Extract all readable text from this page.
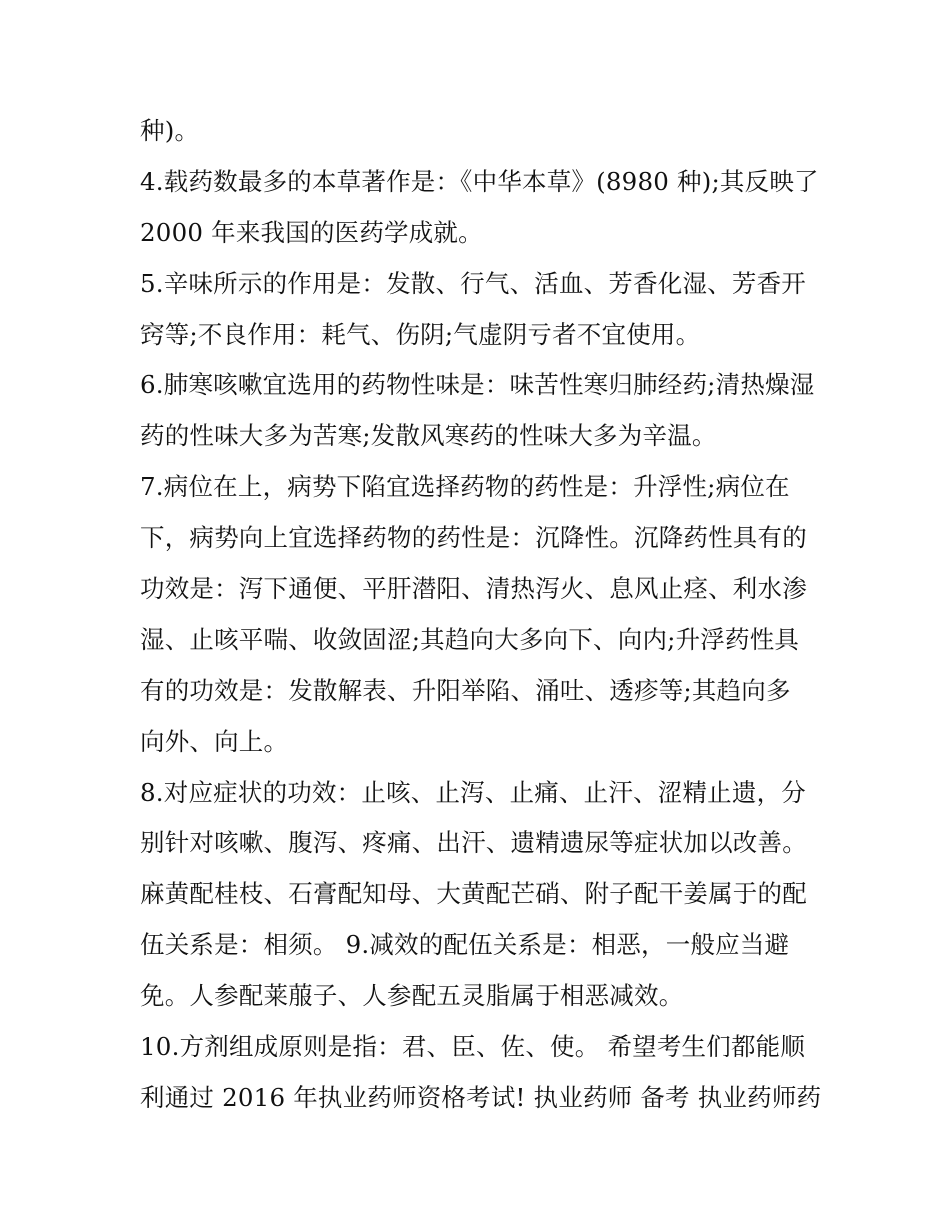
种)。
4.载药数最多的本草著作是：《中华本草》(8980 种);其反映了
2000 年来我国的医药学成就。
5.辛味所示的作用是：发散、行气、活血、芳香化湿、芳香开
窍等;不良作用：耗气、伤阴;气虚阴亏者不宜使用。
6.肺寒咳嗽宜选用的药物性味是：味苦性寒归肺经药;清热燥湿
药的性味大多为苦寒;发散风寒药的性味大多为辛温。
7.病位在上，病势下陷宜选择药物的药性是：升浮性;病位在
下，病势向上宜选择药物的药性是：沉降性。沉降药性具有的
功效是：泻下通便、平肝潜阳、清热泻火、息风止痉、利水渗
湿、止咳平喘、收敛固涩;其趋向大多向下、向内;升浮药性具
有的功效是：发散解表、升阳举陷、涌吐、透疹等;其趋向多
向外、向上。
8.对应症状的功效：止咳、止泻、止痛、止汗、涩精止遗，分
别针对咳嗽、腹泻、疼痛、出汗、遗精遗尿等症状加以改善。
麻黄配桂枝、石膏配知母、大黄配芒硝、附子配干姜属于的配
伍关系是：相须。 9.减效的配伍关系是：相恶，一般应当避
免。人参配莱菔子、人参配五灵脂属于相恶减效。
10.方剂组成原则是指：君、臣、佐、使。 希望考生们都能顺
利通过 2016 年执业药师资格考试! 执业药师 备考 执业药师药
